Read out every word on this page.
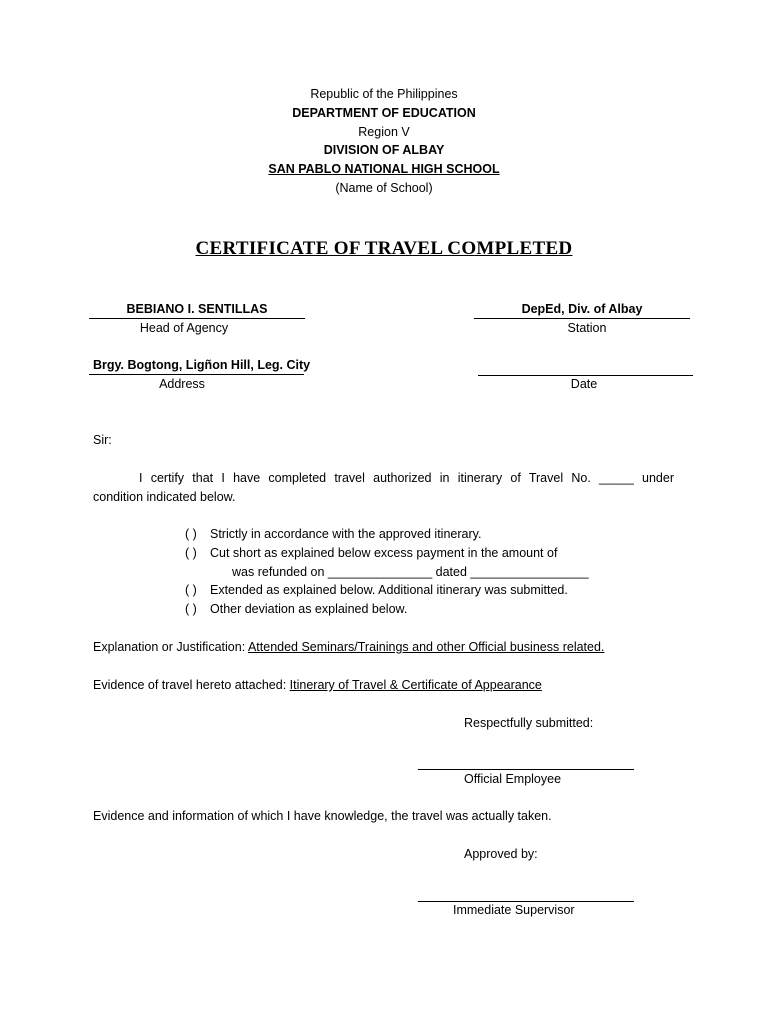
Republic of the Philippines
DEPARTMENT OF EDUCATION
Region V
DIVISION OF ALBAY
SAN PABLO NATIONAL HIGH SCHOOL
(Name of School)
CERTIFICATE OF TRAVEL COMPLETED
BEBIANO I. SENTILLAS
Head of Agency
DepEd, Div. of Albay
Station
Brgy. Bogtong, Ligñon Hill, Leg. City
Address	Date
Sir:
I certify that I have completed travel authorized in itinerary of Travel No. _____ under
condition indicated below.
( ) Strictly in accordance with the approved itinerary.
( ) Cut short as explained below excess payment in the amount of
was refunded on _______________ dated _________________
( ) Extended as explained below. Additional itinerary was submitted.
( ) Other deviation as explained below.
Explanation or Justification: Attended Seminars/Trainings and other Official business related.
Evidence of travel hereto attached: Itinerary of Travel & Certificate of Appearance
Respectfully submitted:
Official Employee
Evidence and information of which I have knowledge, the travel was actually taken.
Approved by:
Immediate Supervisor
